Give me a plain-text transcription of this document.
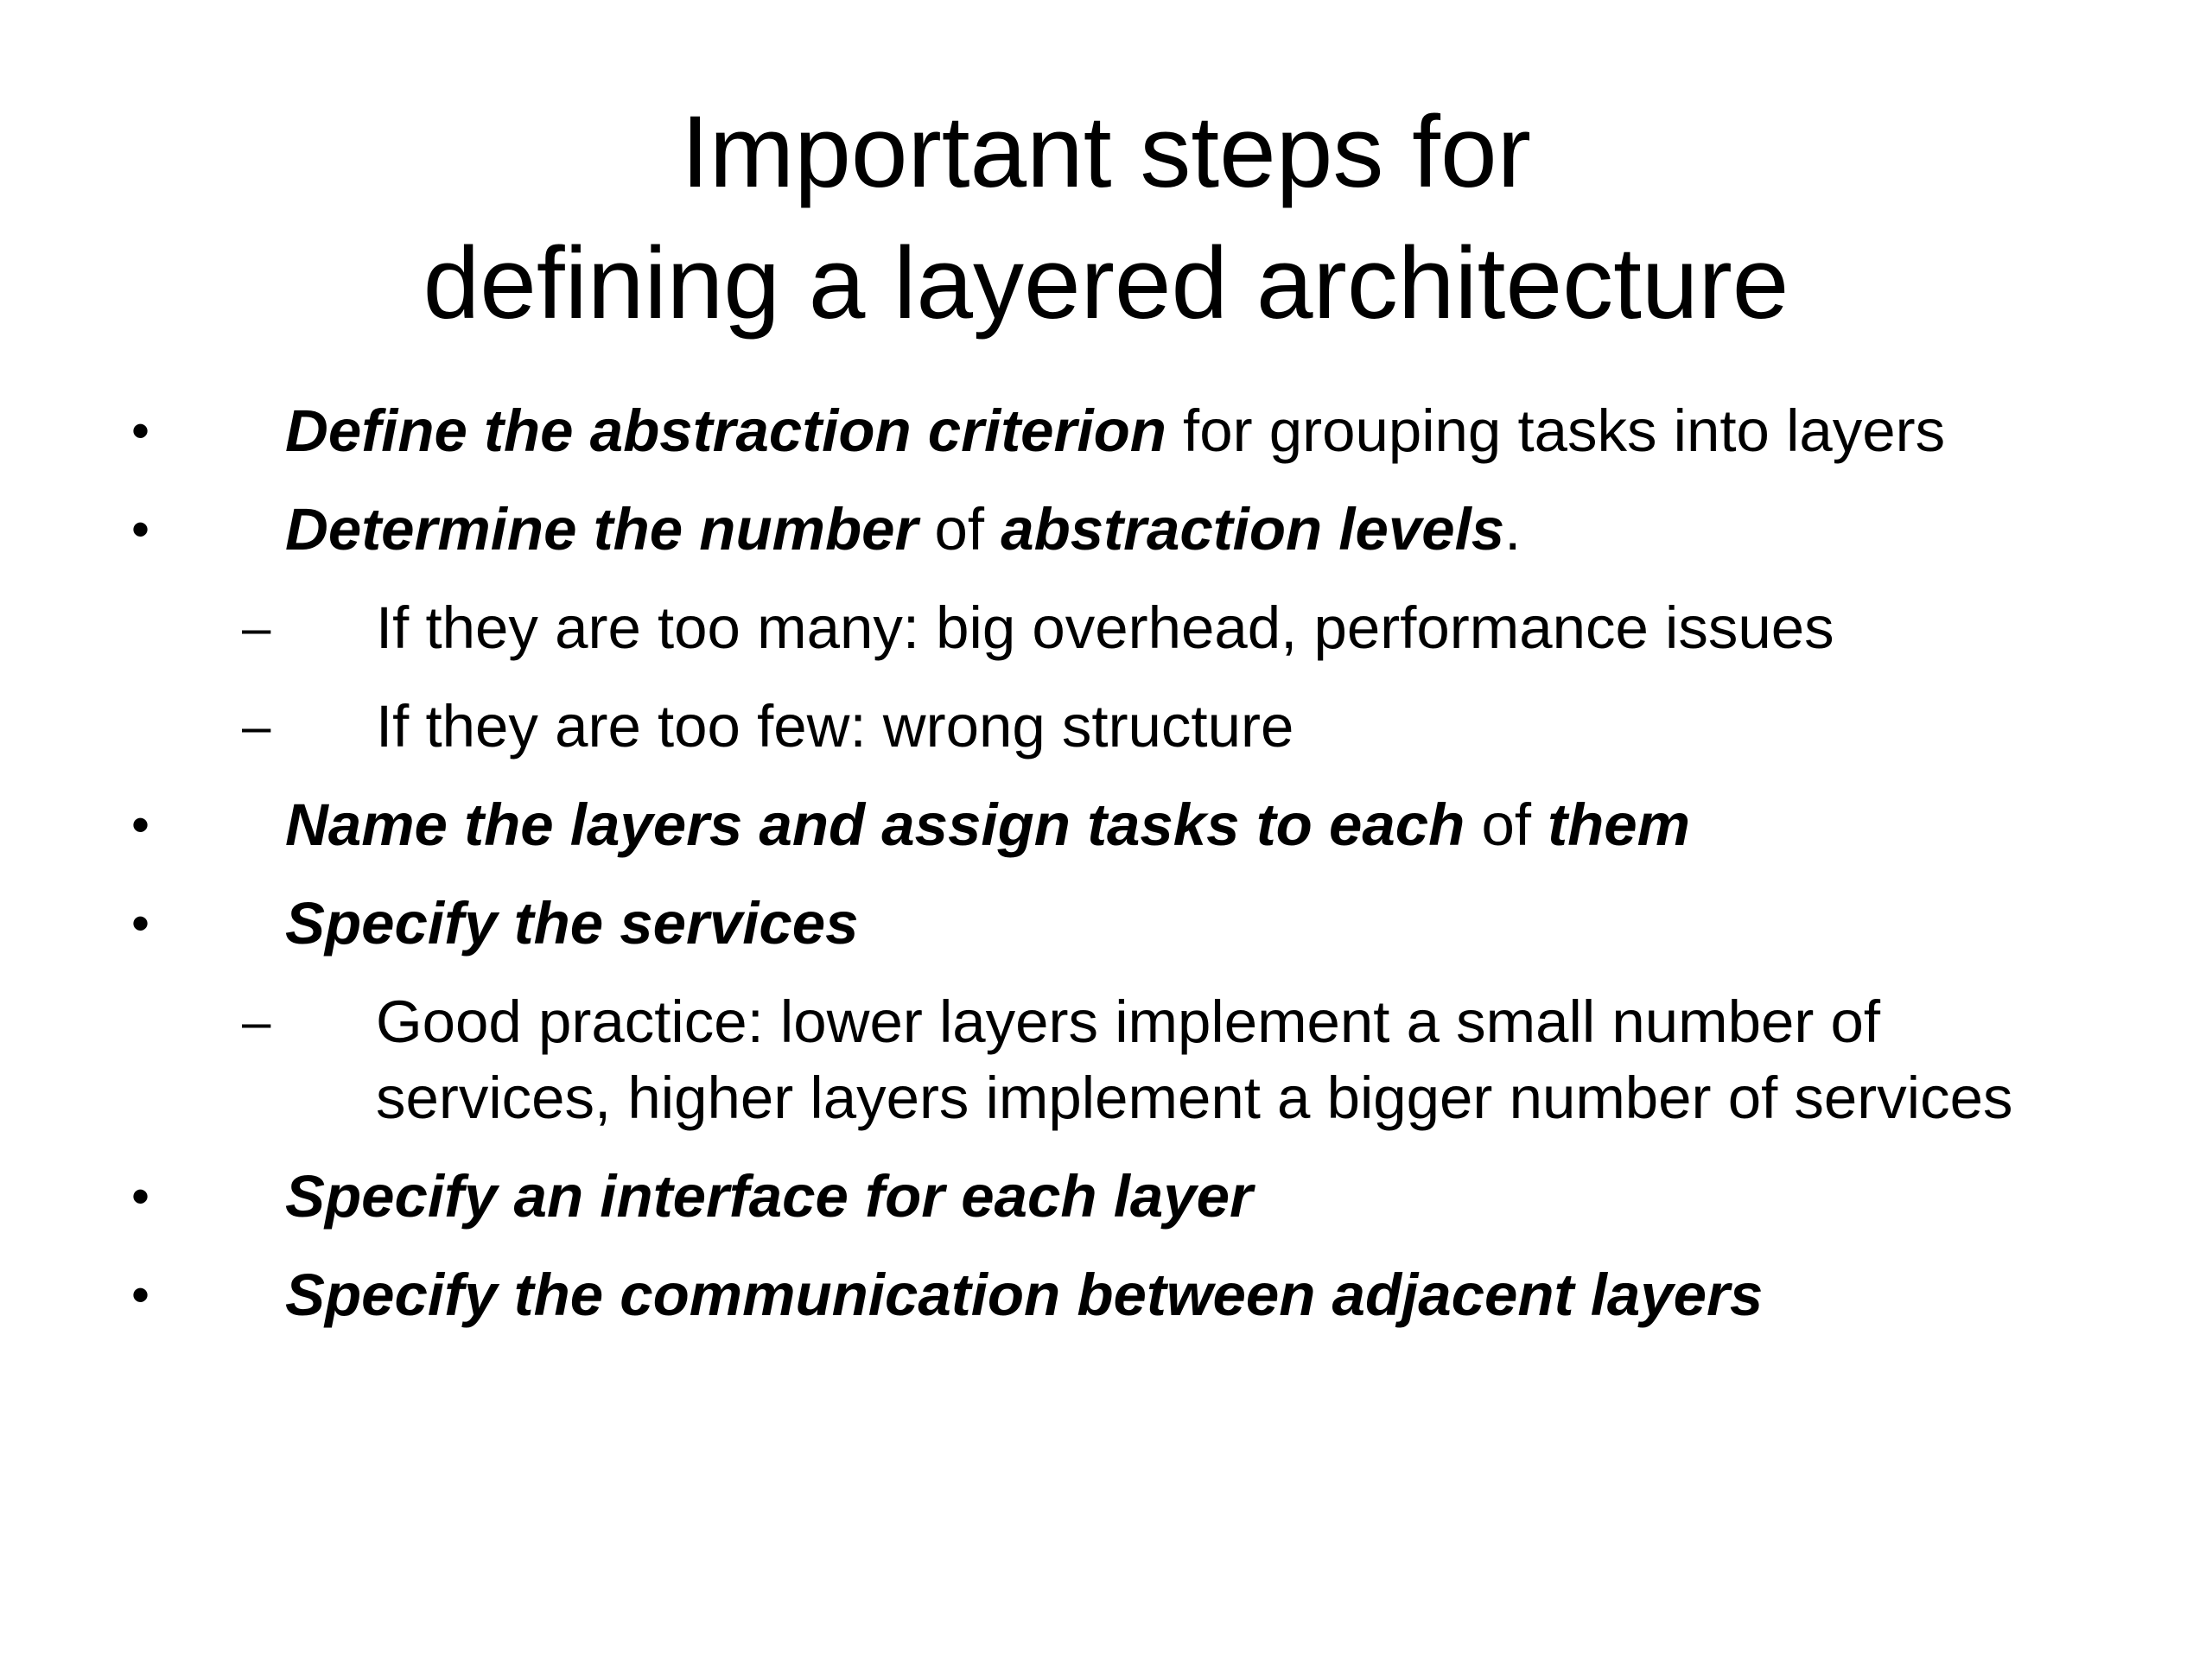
Important steps for
defining a layered architecture
• Define the abstraction criterion for grouping tasks into layers
• Determine the number of abstraction levels.
– If they are too many: big overhead, performance issues
– If they are too few: wrong structure
• Name the layers and assign tasks to each of them
• Specify the services
– Good practice: lower layers implement a small number of services, higher layers implement a bigger number of services
• Specify an interface for each layer
• Specify the communication between adjacent layers
